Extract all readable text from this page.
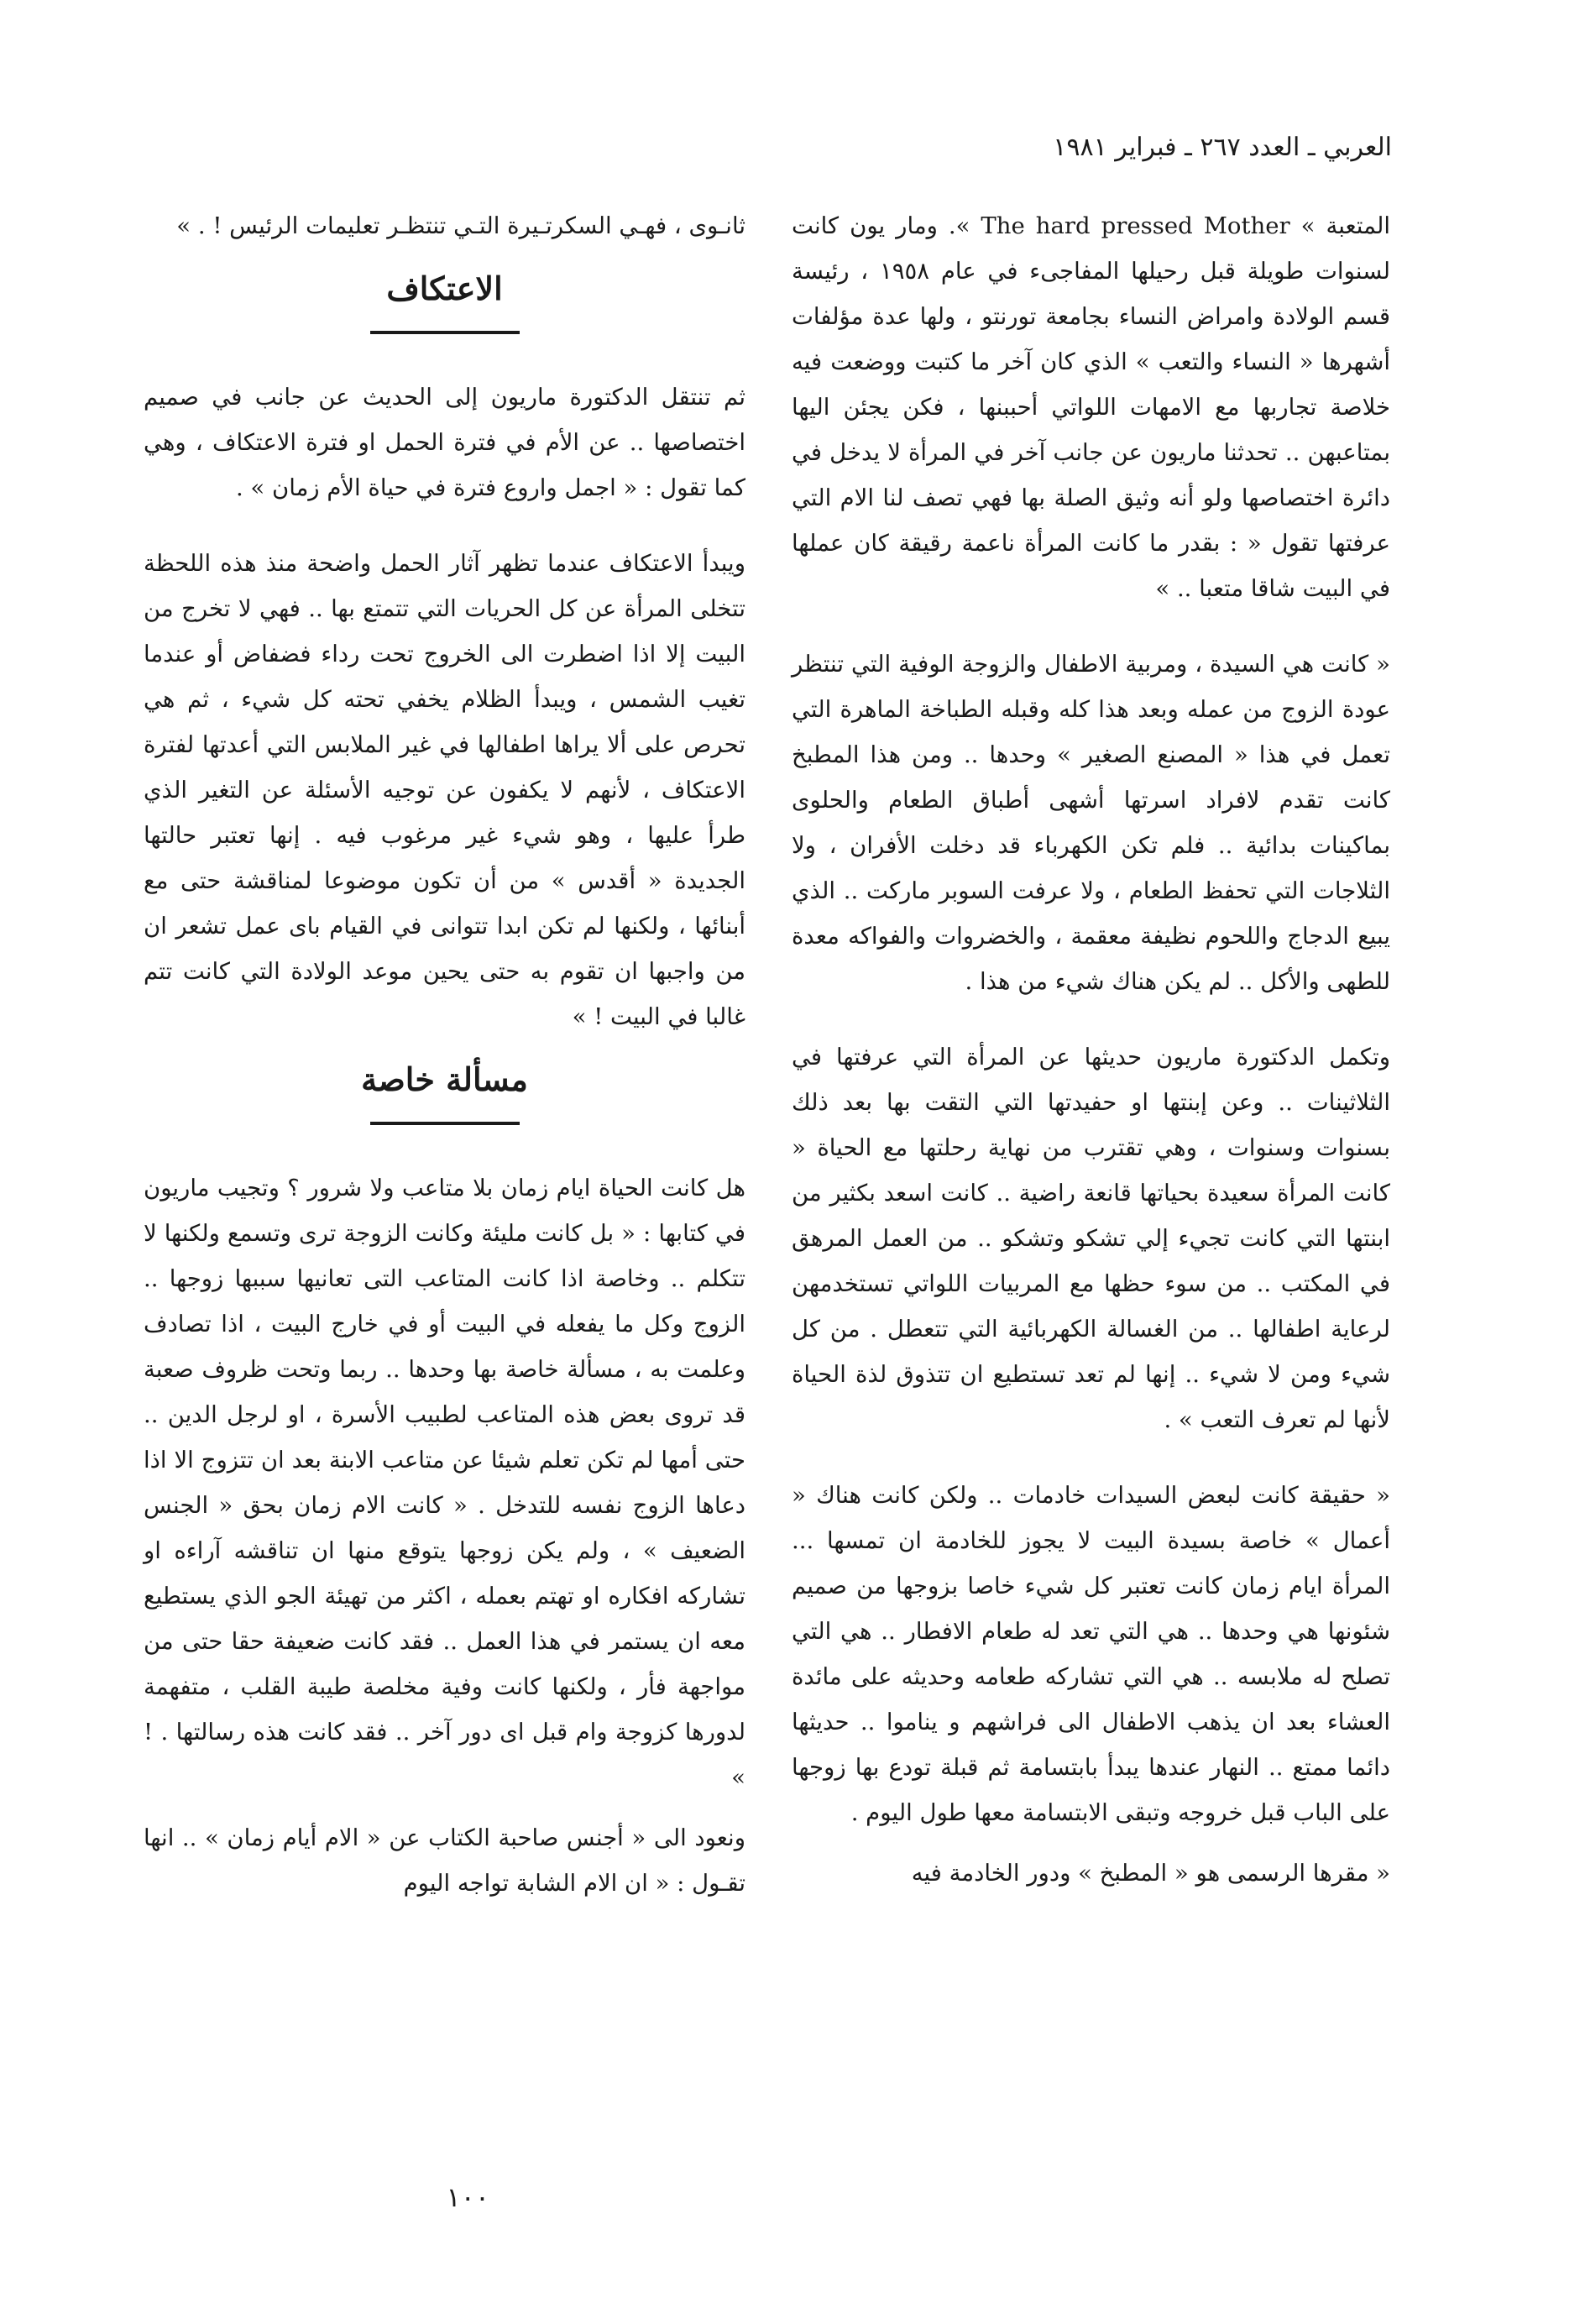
العربي ـ العدد ٢٦٧ ـ فبراير ١٩٨١

المتعبة » The hard pressed Mother ». ومار يون كانت لسنوات طويلة قبل رحيلها المفاجىء في عام ١٩٥٨ ، رئيسة قسم الولادة وامراض النساء بجامعة تورنتو ، ولها عدة مؤلفات أشهرها « النساء والتعب » الذي كان آخر ما كتبت ووضعت فيه خلاصة تجاربها مع الامهات اللواتي أحببنها ، فكن يجئن اليها بمتاعبهن .. تحدثنا ماريون عن جانب آخر في المرأة لا يدخل في دائرة اختصاصها ولو أنه وثيق الصلة بها فهي تصف لنا الام التي عرفتها تقول « : بقدر ما كانت المرأة ناعمة رقيقة كان عملها في البيت شاقا متعبا .. »

« كانت هي السيدة ، ومربية الاطفال والزوجة الوفية التي تنتظر عودة الزوج من عمله وبعد هذا كله وقبله الطباخة الماهرة التي تعمل في هذا « المصنع الصغير » وحدها .. ومن هذا المطبخ كانت تقدم لافراد اسرتها أشهى أطباق الطعام والحلوى بماكينات بدائية .. فلم تكن الكهرباء قد دخلت الأفران ، ولا الثلاجات التي تحفظ الطعام ، ولا عرفت السوبر ماركت .. الذي يبيع الدجاج واللحوم نظيفة معقمة ، والخضروات والفواكه معدة للطهى والأكل .. لم يكن هناك شيء من هذا .

وتكمل الدكتورة ماريون حديثها عن المرأة التي عرفتها في الثلاثينات .. وعن إبنتها او حفيدتها التي التقت بها بعد ذلك بسنوات وسنوات ، وهي تقترب من نهاية رحلتها مع الحياة « كانت المرأة سعيدة بحياتها قانعة راضية .. كانت اسعد بكثير من ابنتها التي كانت تجيء إلي تشكو وتشكو .. من العمل المرهق في المكتب .. من سوء حظها مع المربيات اللواتي تستخدمهن لرعاية اطفالها .. من الغسالة الكهربائية التي تتعطل . من كل شيء ومن لا شيء .. إنها لم تعد تستطيع ان تتذوق لذة الحياة لأنها لم تعرف التعب » .

« حقيقة كانت لبعض السيدات خادمات .. ولكن كانت هناك « أعمال » خاصة بسيدة البيت لا يجوز للخادمة ان تمسها ... المرأة ايام زمان كانت تعتبر كل شيء خاصا بزوجها من صميم شئونها هي وحدها .. هي التي تعد له طعام الافطار .. هي التي تصلح له ملابسه .. هي التي تشاركه طعامه وحديثه على مائدة العشاء بعد ان يذهب الاطفال الى فراشهم و يناموا .. حديثها دائما ممتع .. النهار عندها يبدأ بابتسامة ثم قبلة تودع بها زوجها على الباب قبل خروجه وتبقى الابتسامة معها طول اليوم .

« مقرها الرسمى هو « المطبخ » ودور الخادمة فيه

ثانـوى ، فهـي السكرتـيرة التـي تنتظـر تعليمات الرئيس ! . »

الاعتكاف

ثم تنتقل الدكتورة ماريون إلى الحديث عن جانب في صميم اختصاصها .. عن الأم في فترة الحمل او فترة الاعتكاف ، وهي كما تقول : « اجمل واروع فترة في حياة الأم زمان » .

ويبدأ الاعتكاف عندما تظهر آثار الحمل واضحة منذ هذه اللحظة تتخلى المرأة عن كل الحريات التي تتمتع بها .. فهي لا تخرج من البيت إلا اذا اضطرت الى الخروج تحت رداء فضفاض أو عندما تغيب الشمس ، ويبدأ الظلام يخفي تحته كل شيء ، ثم هي تحرص على ألا يراها اطفالها في غير الملابس التي أعدتها لفترة الاعتكاف ، لأنهم لا يكفون عن توجيه الأسئلة عن التغير الذي طرأ عليها ، وهو شيء غير مرغوب فيه . إنها تعتبر حالتها الجديدة « أقدس » من أن تكون موضوعا لمناقشة حتى مع أبنائها ، ولكنها لم تكن ابدا تتوانى في القيام باى عمل تشعر ان من واجبها ان تقوم به حتى يحين موعد الولادة التي كانت تتم غالبا في البيت ! »

مسألة خاصة

هل كانت الحياة ايام زمان بلا متاعب ولا شرور ؟ وتجيب ماريون في كتابها : « بل كانت مليئة وكانت الزوجة ترى وتسمع ولكنها لا تتكلم .. وخاصة اذا كانت المتاعب التى تعانيها سببها زوجها .. الزوج وكل ما يفعله في البيت أو في خارج البيت ، اذا تصادف وعلمت به ، مسألة خاصة بها وحدها .. ربما وتحت ظروف صعبة قد تروى بعض هذه المتاعب لطبيب الأسرة ، او لرجل الدين .. حتى أمها لم تكن تعلم شيئا عن متاعب الابنة بعد ان تتزوج الا اذا دعاها الزوج نفسه للتدخل . « كانت الام زمان بحق « الجنس الضعيف » ، ولم يكن زوجها يتوقع منها ان تناقشه آراءه او تشاركه افكاره او تهتم بعمله ، اكثر من تهيئة الجو الذي يستطيع معه ان يستمر في هذا العمل .. فقد كانت ضعيفة حقا حتى من مواجهة فأر ، ولكنها كانت وفية مخلصة طيبة القلب ، متفهمة لدورها كزوجة وام قبل اى دور آخر .. فقد كانت هذه رسالتها . ! »

ونعود الى « أجنس صاحبة الكتاب عن « الام أيام زمان » .. انها تقـول : « ان الام الشابة تواجه اليوم

١٠٠
